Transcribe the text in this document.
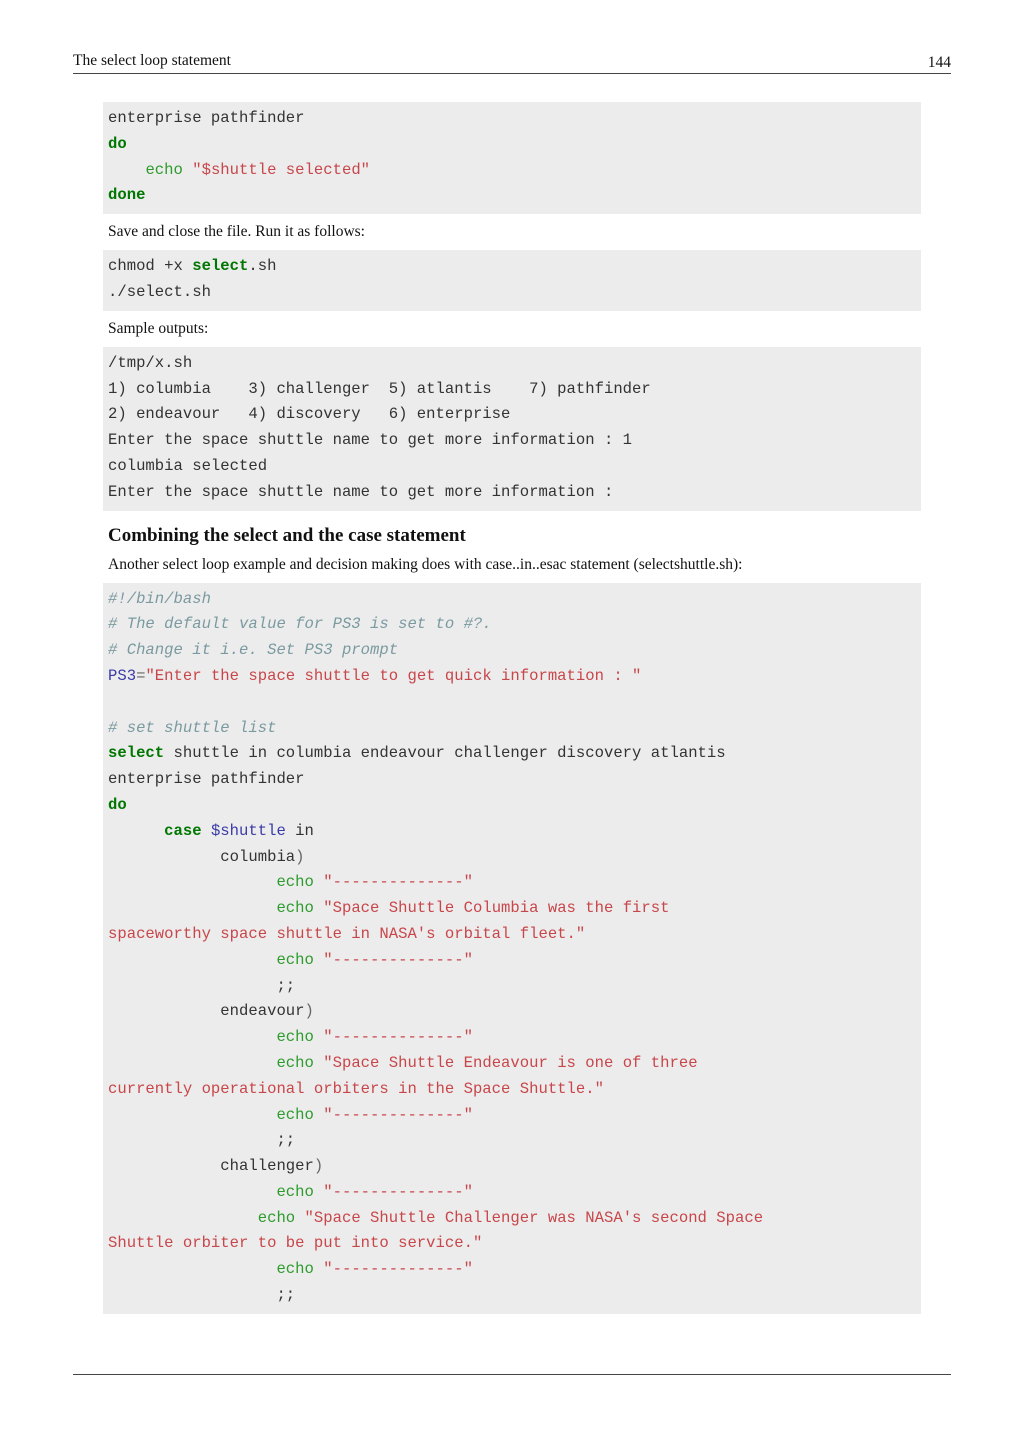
The select loop statement	144
enterprise pathfinder
do
echo "$shuttle selected"
done

Save and close the file. Run it as follows:

chmod +x select.sh
./select.sh

Sample outputs:

/tmp/x.sh
1) columbia    3) challenger  5) atlantis    7) pathfinder
2) endeavour   4) discovery   6) enterprise
Enter the space shuttle name to get more information : 1
columbia selected
Enter the space shuttle name to get more information :
Combining the select and the case statement

Another select loop example and decision making does with case..in..esac statement (selectshuttle.sh):

#!/bin/bash
# The default value for PS3 is set to #?.
# Change it i.e. Set PS3 prompt
PS3="Enter the space shuttle to get quick information : "
# set shuttle list
select shuttle in columbia endeavour challenger discovery atlantis
enterprise pathfinder
do
case $shuttle in
columbia)
echo "--------------"
echo "Space Shuttle Columbia was the first
spaceworthy space shuttle in NASA's orbital fleet."
echo "--------------"
;;
endeavour)
echo "--------------"
echo "Space Shuttle Endeavour is one of three
currently operational orbiters in the Space Shuttle."
echo "--------------"
;;
challenger)
echo "--------------"
echo "Space Shuttle Challenger was NASA's second Space
Shuttle orbiter to be put into service."
echo "--------------"
;;
